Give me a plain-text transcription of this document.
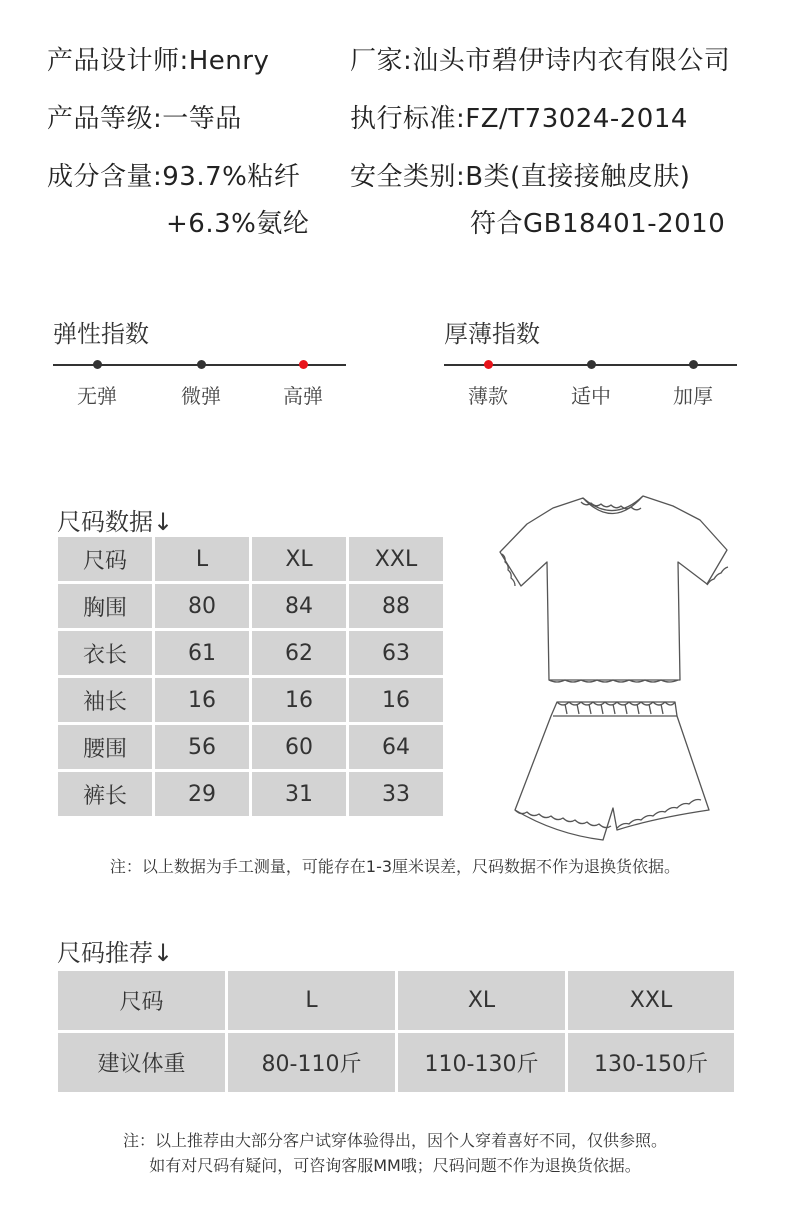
产品设计师:Henry	厂家:汕头市碧伊诗内衣有限公司
产品等级:一等品	执行标准:FZ/T73024-2014
成分含量:93.7%粘纤
+6.3%氨纶
安全类别:B类(直接接触皮肤)
符合GB18401-2010
弹性指数
无弹	微弹	高弹
厚薄指数
薄款	适中	加厚
尺码数据↓
尺码	L	XL	XXL
胸围	80	84	88
衣长	61	62	63
袖长	16	16	16
腰围	56	60	64
裤长	29	31	33
注：以上数据为手工测量，可能存在1-3厘米误差，尺码数据不作为退换货依据。
尺码推荐↓
尺码	L	XL	XXL
建议体重	80-110斤	110-130斤	130-150斤
注：以上推荐由大部分客户试穿体验得出，因个人穿着喜好不同，仅供参照。
如有对尺码有疑问，可咨询客服MM哦；尺码问题不作为退换货依据。
